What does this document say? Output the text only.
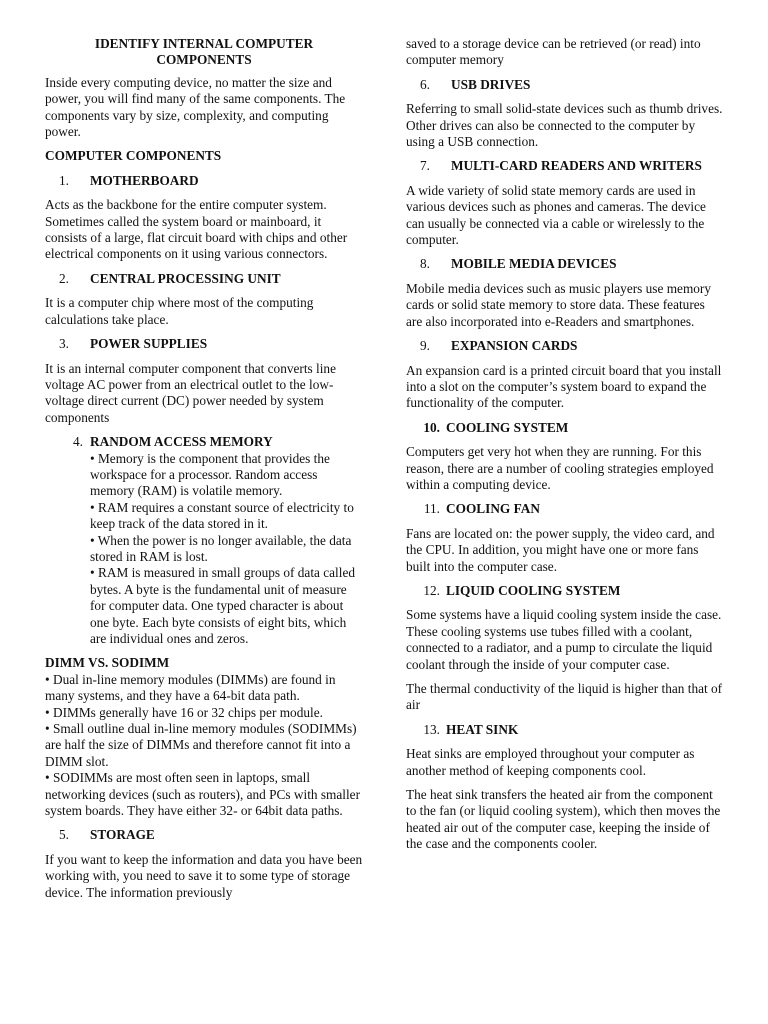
IDENTIFY INTERNAL COMPUTER COMPONENTS

Inside every computing device, no matter the size and power, you will find many of the same components. The components vary by size, complexity, and computing power.

COMPUTER COMPONENTS

1.	MOTHERBOARD

Acts as the backbone for the entire computer system. Sometimes called the system board or mainboard, it consists of a large, flat circuit board with chips and other electrical components on it using various connectors.

2.	CENTRAL PROCESSING UNIT

It is a computer chip where most of the computing calculations take place.

3.	POWER SUPPLIES

It is an internal computer component that converts line voltage AC power from an electrical outlet to the low-voltage direct current (DC) power needed by system components

4. RANDOM ACCESS MEMORY

• Memory is the component that provides the workspace for a processor. Random access memory (RAM) is volatile memory.

• RAM requires a constant source of electricity to keep track of the data stored in it.

• When the power is no longer available, the data stored in RAM is lost.

• RAM is measured in small groups of data called bytes. A byte is the fundamental unit of measure for computer data. One typed character is about one byte. Each byte consists of eight bits, which are individual ones and zeros.

DIMM VS. SODIMM

• Dual in-line memory modules (DIMMs) are found in many systems, and they have a 64-bit data path.

• DIMMs generally have 16 or 32 chips per module.

• Small outline dual in-line memory modules (SODIMMs) are half the size of DIMMs and therefore cannot fit into a DIMM slot.

• SODIMMs are most often seen in laptops, small networking devices (such as routers), and PCs with smaller system boards. They have either 32- or 64bit data paths.

5.	STORAGE

If you want to keep the information and data you have been working with, you need to save it to some type of storage device. The information previously

saved to a storage device can be retrieved (or read) into computer memory

6.	USB DRIVES

Referring to small solid-state devices such as thumb drives. Other drives can also be connected to the computer by using a USB connection.

7.	MULTI-CARD READERS AND WRITERS

A wide variety of solid state memory cards are used in various devices such as phones and cameras. The device can usually be connected via a cable or wirelessly to the computer.

8.	MOBILE MEDIA DEVICES

Mobile media devices such as music players use memory cards or solid state memory to store data. These features are also incorporated into e-Readers and smartphones.

9.	EXPANSION CARDS

An expansion card is a printed circuit board that you install into a slot on the computer’s system board to expand the functionality of the computer.

10. COOLING SYSTEM

Computers get very hot when they are running. For this reason, there are a number of cooling strategies employed within a computing device.

11. COOLING FAN

Fans are located on: the power supply, the video card, and the CPU. In addition, you might have one or more fans built into the computer case.

12. LIQUID COOLING SYSTEM

Some systems have a liquid cooling system inside the case. These cooling systems use tubes filled with a coolant, connected to a radiator, and a pump to circulate the liquid coolant through the inside of your computer case.

The thermal conductivity of the liquid is higher than that of air

13. HEAT SINK

Heat sinks are employed throughout your computer as another method of keeping components cool.

The heat sink transfers the heated air from the component to the fan (or liquid cooling system), which then moves the heated air out of the computer case, keeping the inside of the case and the components cooler.
